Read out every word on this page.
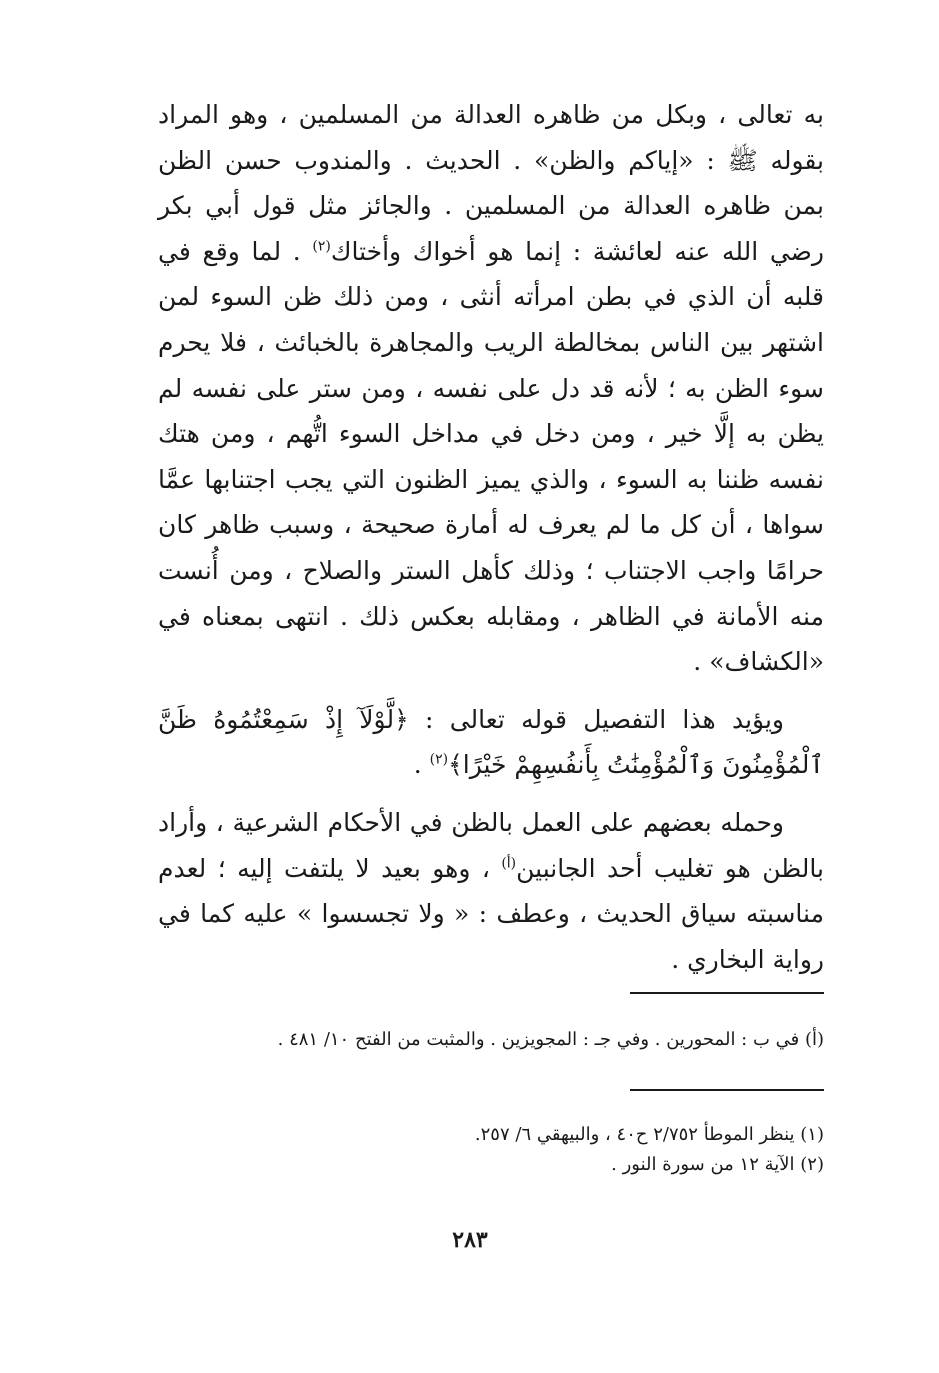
به تعالى ، وبكل من ظاهره العدالة من المسلمين ، وهو المراد بقوله ﷺ : «إياكم والظن» . الحديث . والمندوب حسن الظن بمن ظاهره العدالة من المسلمين . والجائز مثل قول أبي بكر رضي الله عنه لعائشة : إنما هو أخواك وأختاك$^{(٢)}$ . لما وقع في قلبه أن الذي في بطن امرأته أنثى ، ومن ذلك ظن السوء لمن اشتهر بين الناس بمخالطة الريب والمجاهرة بالخبائث ، فلا يحرم سوء الظن به ؛ لأنه قد دل على نفسه ، ومن ستر على نفسه لم يظن به إلَّا خير ، ومن دخل في مداخل السوء اتُّهم ، ومن هتك نفسه ظننا به السوء ، والذي يميز الظنون التي يجب اجتنابها عمَّا سواها ، أن كل ما لم يعرف له أمارة صحيحة ، وسبب ظاهر كان حرامًا واجب الاجتناب ؛ وذلك كأهل الستر والصلاح ، ومن أُنست منه الأمانة في الظاهر ، ومقابله بعكس ذلك . انتهى بمعناه في «الكشاف» .

ويؤيد هذا التفصيل قوله تعالى : ﴿لَّوْلَآ إِذْ سَمِعْتُمُوهُ ظَنَّ ٱلْمُؤْمِنُونَ وَٱلْمُؤْمِنَٰتُ بِأَنفُسِهِمْ خَيْرًا﴾$^{(٢)}$ .

وحمله بعضهم على العمل بالظن في الأحكام الشرعية ، وأراد بالظن هو تغليب أحد الجانبين$^{(أ)}$ ، وهو بعيد لا يلتفت إليه ؛ لعدم مناسبته سياق الحديث ، وعطف : « ولا تجسسوا » عليه كما في رواية البخاري .

(أ) في ب : المحورين . وفي جـ : المجويزين . والمثبت من الفتح ١٠/ ٤٨١ .
(١) ينظر الموطأ ٢/٧٥٢ ح٤٠ ، والبيهقي ٦/ ٢٥٧.
(٢) الآية ١٢ من سورة النور .
٢٨٣
